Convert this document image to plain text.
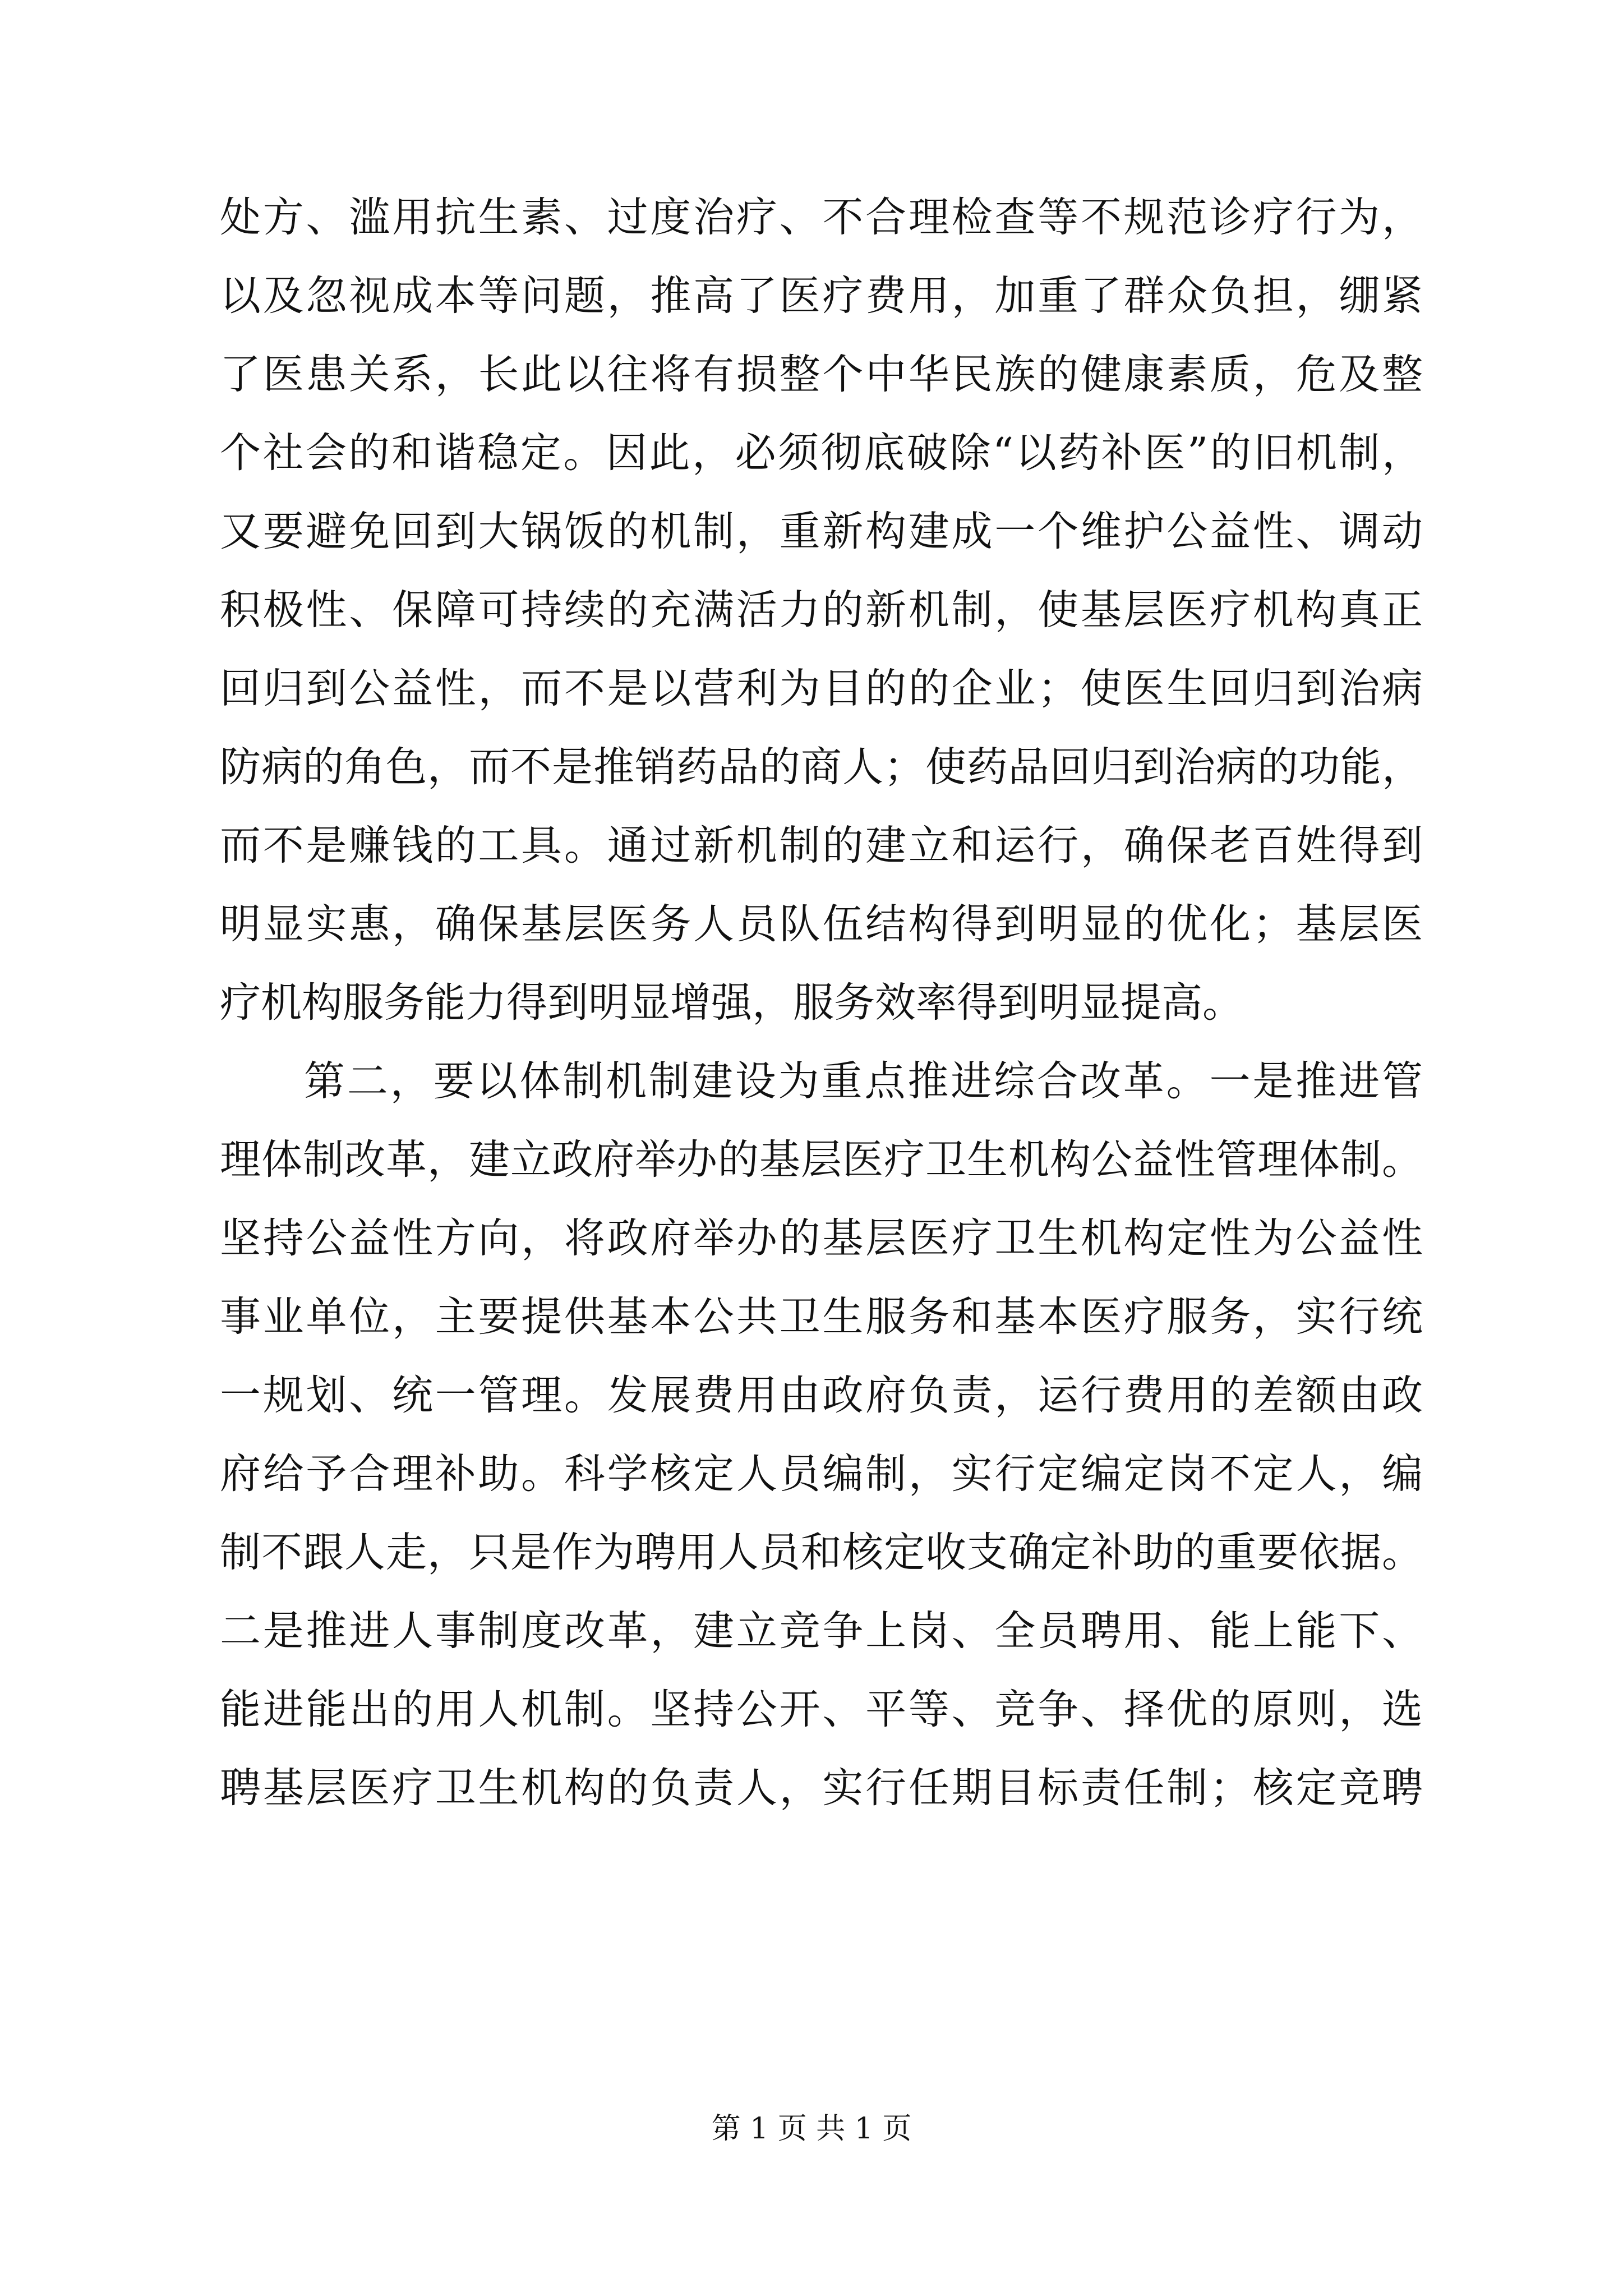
处方、滥用抗生素、过度治疗、不合理检查等不规范诊疗行为，
以及忽视成本等问题，推高了医疗费用，加重了群众负担，绷紧
了医患关系，长此以往将有损整个中华民族的健康素质，危及整
个社会的和谐稳定。因此，必须彻底破除“以药补医”的旧机制，
又要避免回到大锅饭的机制，重新构建成一个维护公益性、调动
积极性、保障可持续的充满活力的新机制，使基层医疗机构真正
回归到公益性，而不是以营利为目的的企业；使医生回归到治病
防病的角色，而不是推销药品的商人；使药品回归到治病的功能，
而不是赚钱的工具。通过新机制的建立和运行，确保老百姓得到
明显实惠，确保基层医务人员队伍结构得到明显的优化；基层医
疗机构服务能力得到明显增强，服务效率得到明显提高。
第二，要以体制机制建设为重点推进综合改革。一是推进管
理体制改革，建立政府举办的基层医疗卫生机构公益性管理体制。
坚持公益性方向，将政府举办的基层医疗卫生机构定性为公益性
事业单位，主要提供基本公共卫生服务和基本医疗服务，实行统
一规划、统一管理。发展费用由政府负责，运行费用的差额由政
府给予合理补助。科学核定人员编制，实行定编定岗不定人，编
制不跟人走，只是作为聘用人员和核定收支确定补助的重要依据。
二是推进人事制度改革，建立竞争上岗、全员聘用、能上能下、
能进能出的用人机制。坚持公开、平等、竞争、择优的原则，选
聘基层医疗卫生机构的负责人，实行任期目标责任制；核定竞聘
第 1 页 共 1 页
